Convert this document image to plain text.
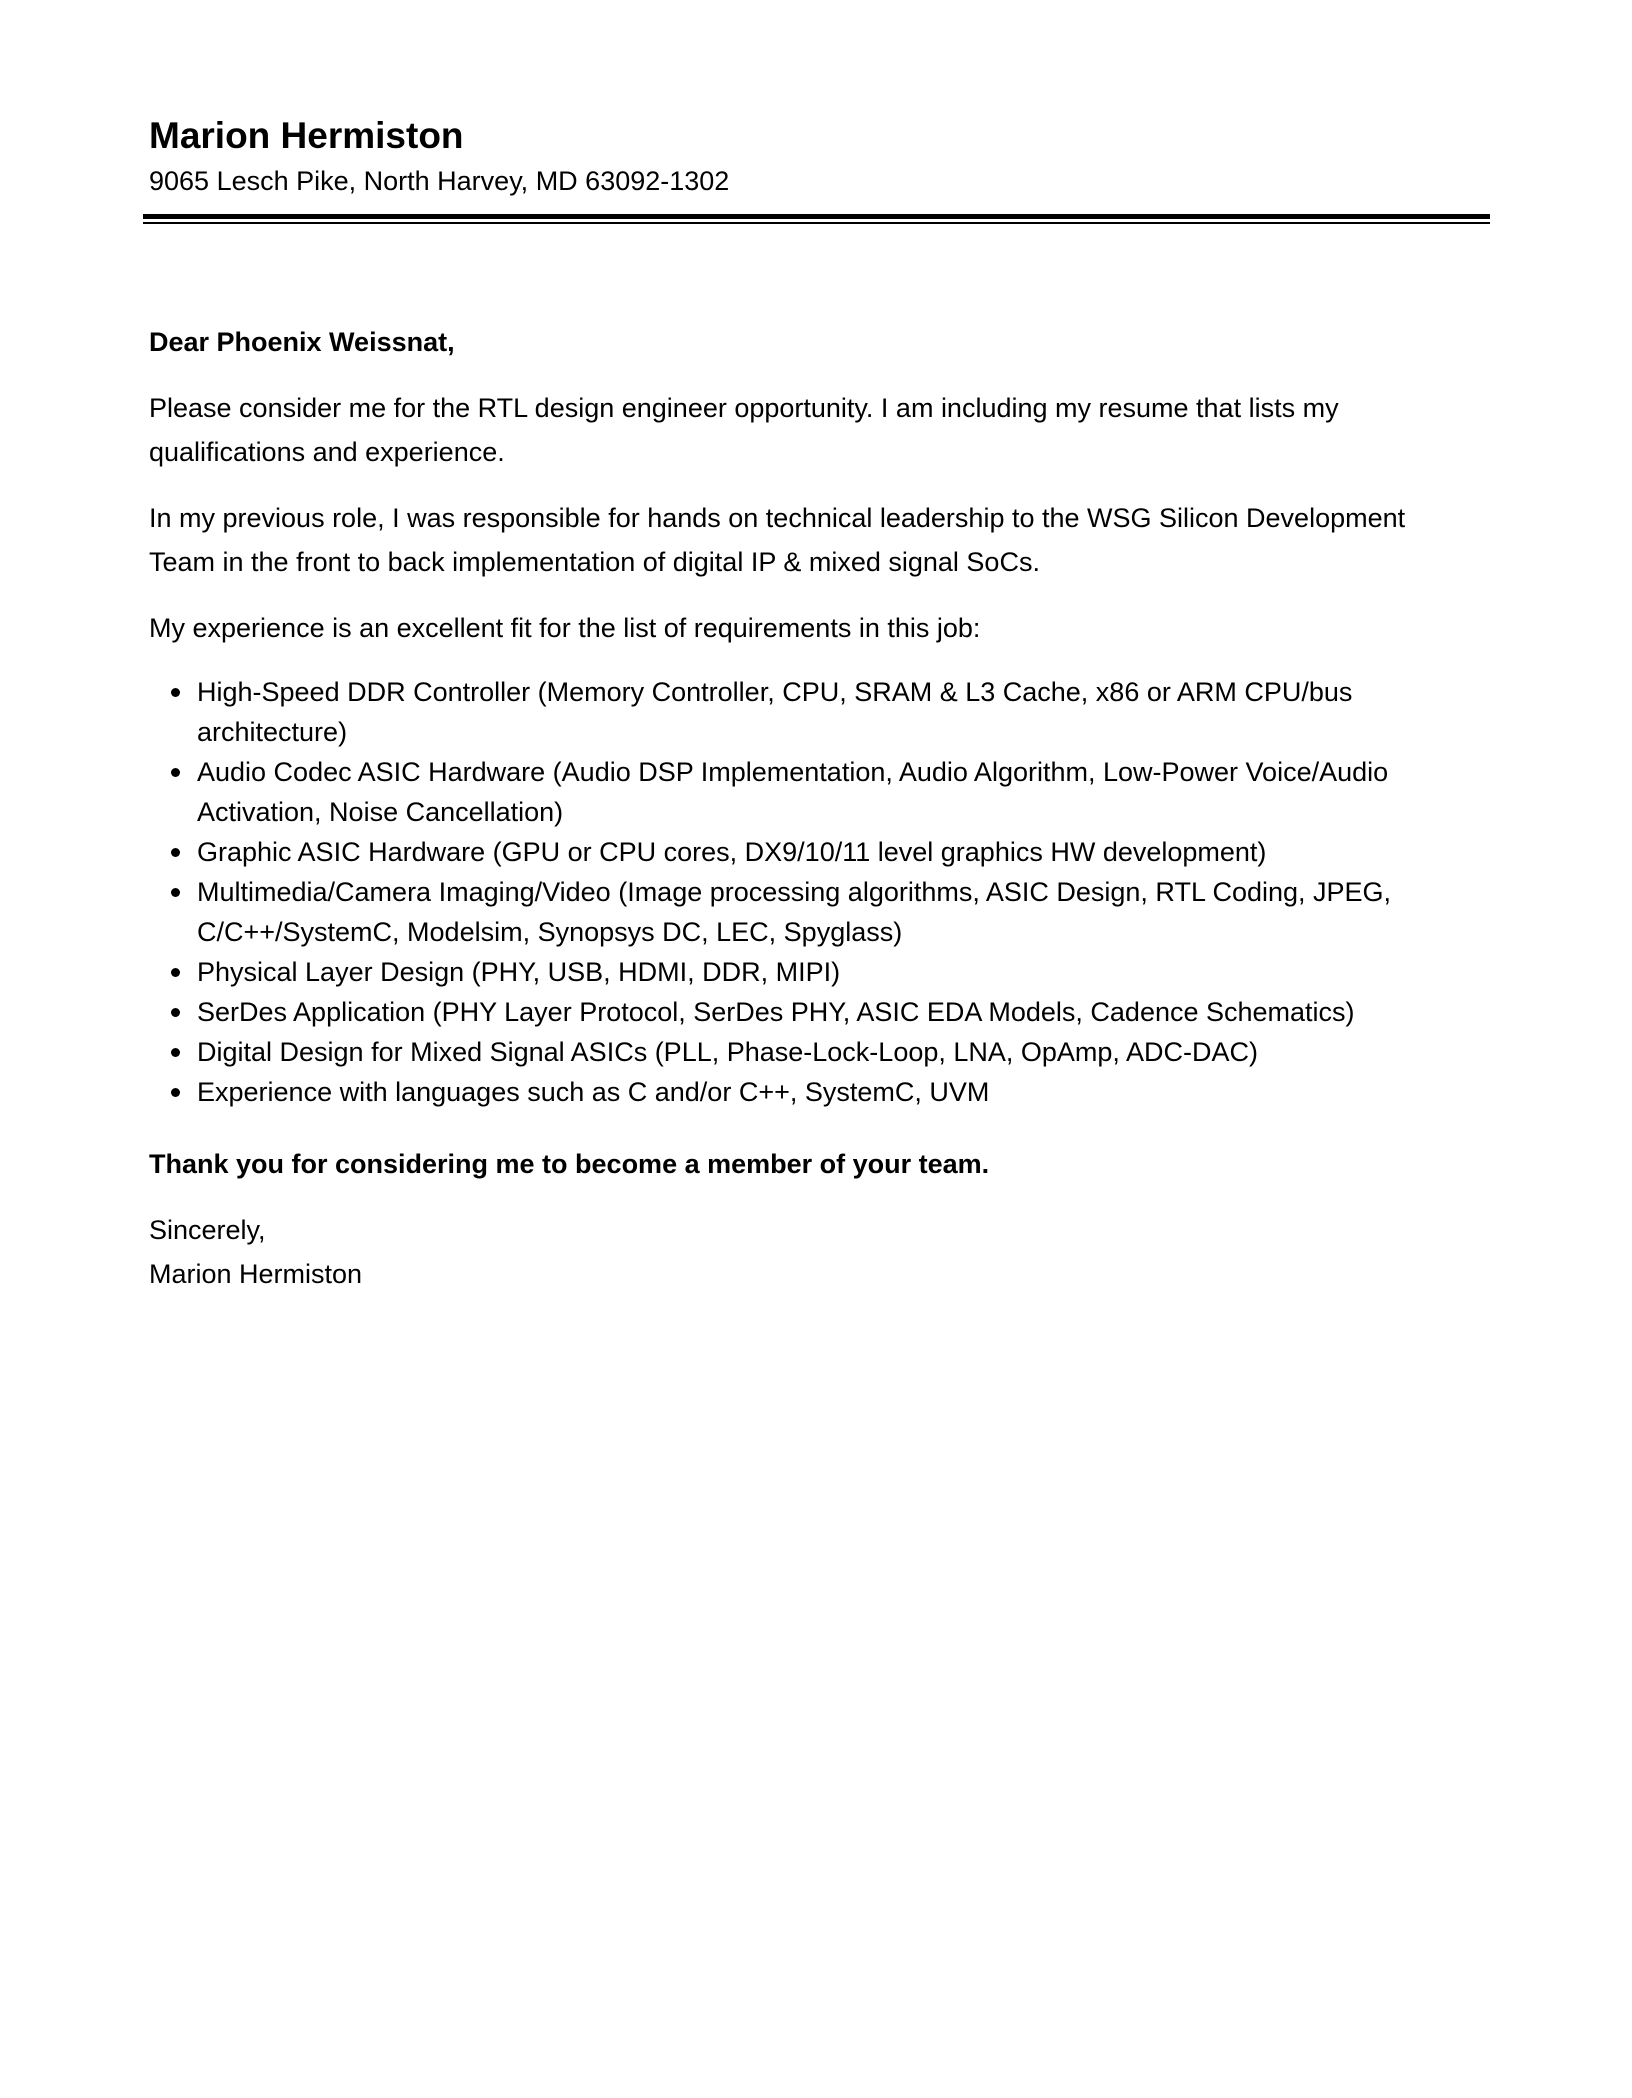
Marion Hermiston

9065 Lesch Pike, North Harvey, MD 63092-1302

Dear Phoenix Weissnat,

Please consider me for the RTL design engineer opportunity. I am including my resume that lists my qualifications and experience.

In my previous role, I was responsible for hands on technical leadership to the WSG Silicon Development Team in the front to back implementation of digital IP & mixed signal SoCs.

My experience is an excellent fit for the list of requirements in this job:

High-Speed DDR Controller (Memory Controller, CPU, SRAM & L3 Cache, x86 or ARM CPU/bus architecture)
Audio Codec ASIC Hardware (Audio DSP Implementation, Audio Algorithm, Low-Power Voice/Audio Activation, Noise Cancellation)
Graphic ASIC Hardware (GPU or CPU cores, DX9/10/11 level graphics HW development)
Multimedia/Camera Imaging/Video (Image processing algorithms, ASIC Design, RTL Coding, JPEG, C/C++/SystemC, Modelsim, Synopsys DC, LEC, Spyglass)
Physical Layer Design (PHY, USB, HDMI, DDR, MIPI)
SerDes Application (PHY Layer Protocol, SerDes PHY, ASIC EDA Models, Cadence Schematics)
Digital Design for Mixed Signal ASICs (PLL, Phase-Lock-Loop, LNA, OpAmp, ADC-DAC)
Experience with languages such as C and/or C++, SystemC, UVM

Thank you for considering me to become a member of your team.

Sincerely,

Marion Hermiston
